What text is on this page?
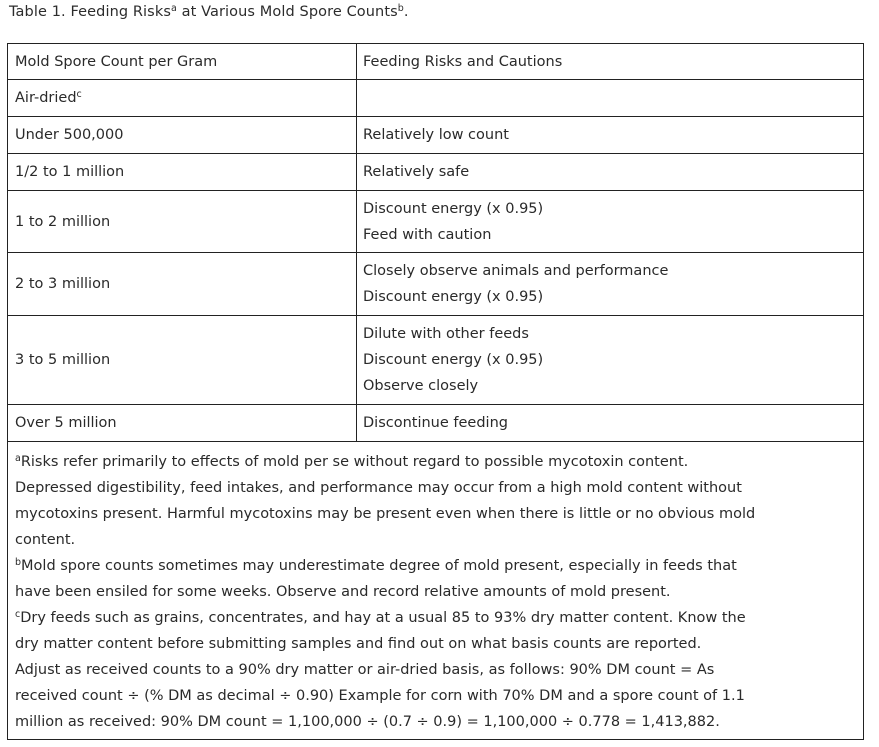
Table 1. Feeding Risks$^a$ at Various Mold Spore Counts$^b$.
Mold Spore Count per Gram	Feeding Risks and Cautions
Air-dried$^c$	
Under 500,000	Relatively low count
1/2 to 1 million	Relatively safe
1 to 2 million	Discount energy (x 0.95)
Feed with caution

2 to 3 million	Closely observe animals and performance
Discount energy (x 0.95)

3 to 5 million	Dilute with other feeds
Discount energy (x 0.95)
Observe closely

Over 5 million	Discontinue feeding
$^a$Risks refer primarily to effects of mold per se without regard to possible mycotoxin content.
Depressed digestibility, feed intakes, and performance may occur from a high mold content without
mycotoxins present. Harmful mycotoxins may be present even when there is little or no obvious mold
content.
$^b$Mold spore counts sometimes may underestimate degree of mold present, especially in feeds that
have been ensiled for some weeks. Observe and record relative amounts of mold present.
$^c$Dry feeds such as grains, concentrates, and hay at a usual 85 to 93% dry matter content. Know the
dry matter content before submitting samples and find out on what basis counts are reported.
Adjust as received counts to a 90% dry matter or air-dried basis, as follows: 90% DM count = As
received count ÷ (% DM as decimal ÷ 0.90) Example for corn with 70% DM and a spore count of 1.1
million as received: 90% DM count = 1,100,000 ÷ (0.7 ÷ 0.9) = 1,100,000 ÷ 0.778 = 1,413,882.
